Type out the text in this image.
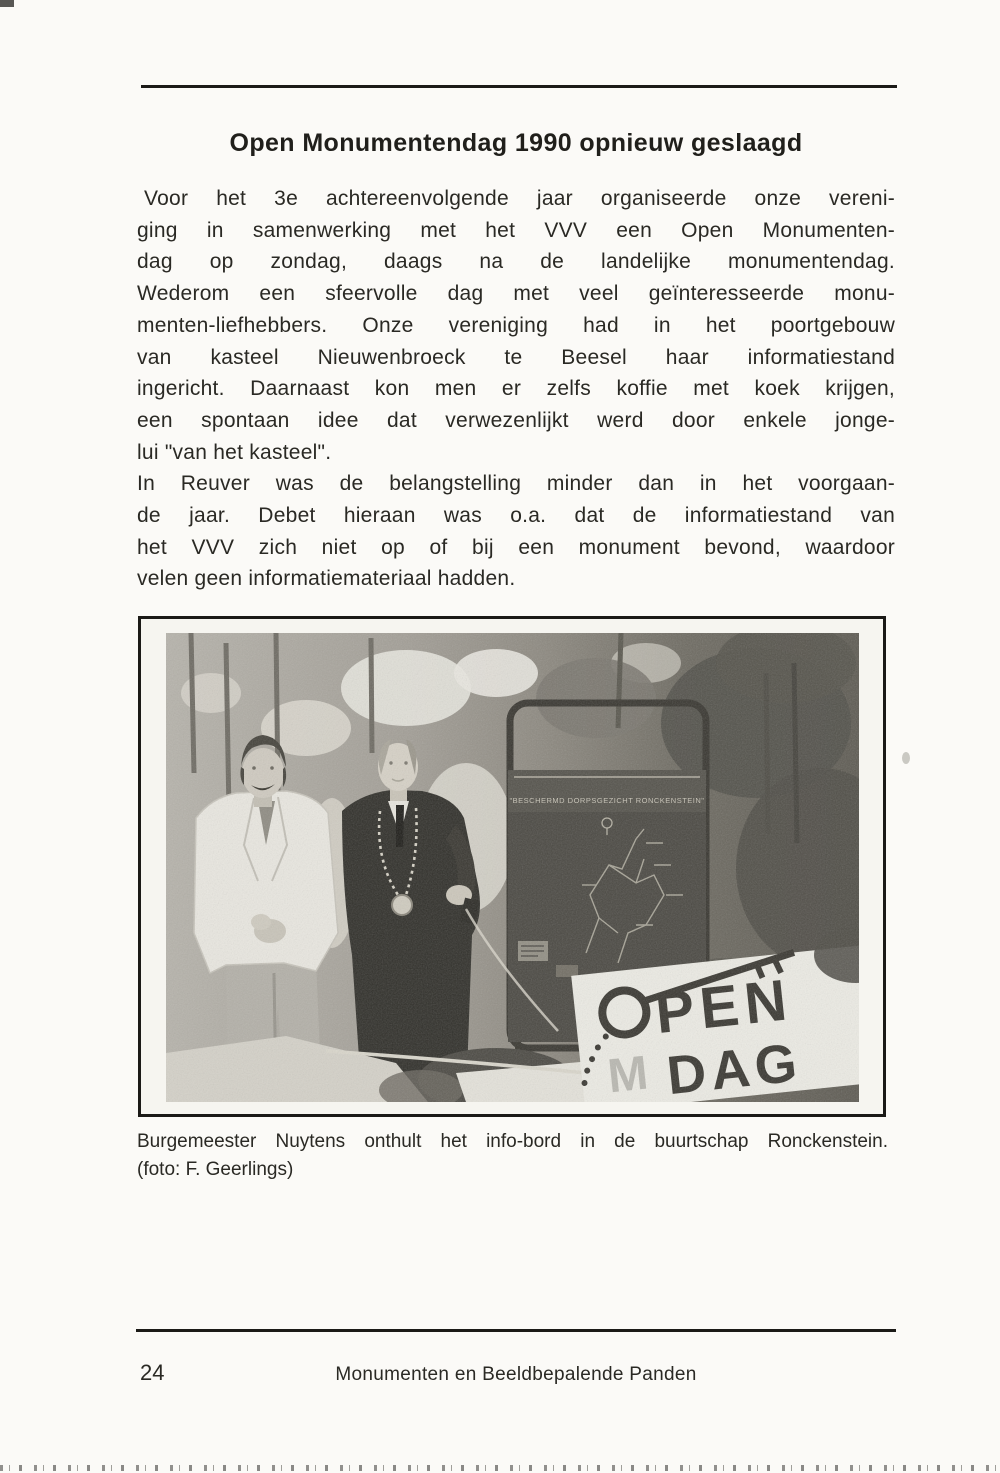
Open Monumentendag 1990 opnieuw geslaagd
Voor het 3e achtereenvolgende jaar organiseerde onze vereni-
ging in samenwerking met het VVV een Open Monumenten-
dag op zondag, daags na de landelijke monumentendag.
Wederom een sfeervolle dag met veel geïnteresseerde monu-
menten-liefhebbers. Onze vereniging had in het poortgebouw
van kasteel Nieuwenbroeck te Beesel haar informatiestand
ingericht. Daarnaast kon men er zelfs koffie met koek krijgen,
een spontaan idee dat verwezenlijkt werd door enkele jonge-
lui "van het kasteel".
In Reuver was de belangstelling minder dan in het voorgaan-
de jaar. Debet hieraan was o.a. dat de informatiestand van
het VVV zich niet op of bij een monument bevond, waardoor
velen geen informatiemateriaal hadden.
Burgemeester Nuytens onthult het info-bord in de buurtschap Ronckenstein.
(foto: F. Geerlings)
24	Monumenten en Beeldbepalende Panden
